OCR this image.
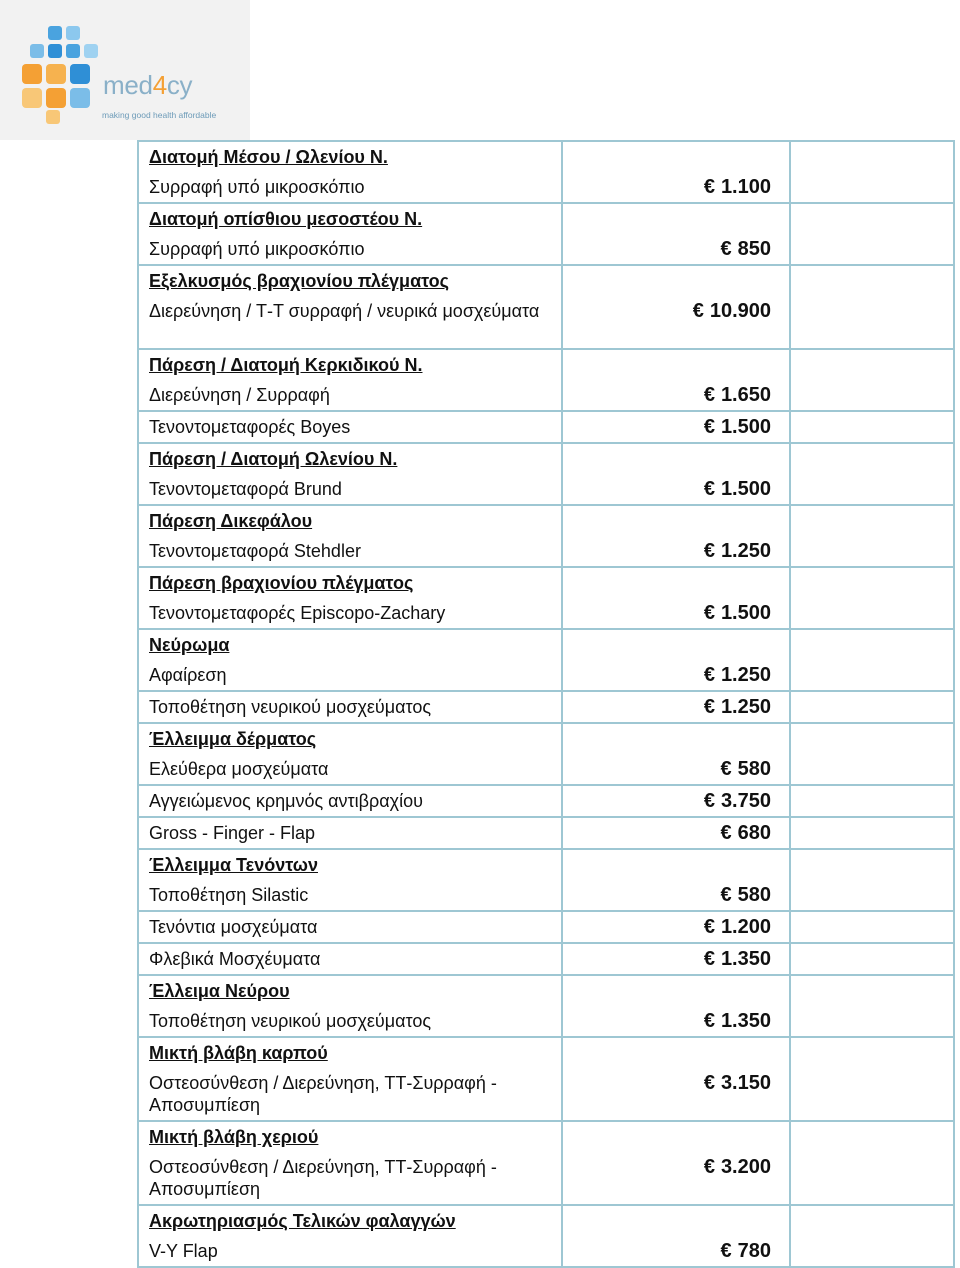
med4cy
making good health affordable
Διατομή Μέσου / Ωλενίου Ν.
Συρραφή υπό μικροσκόπιο	€ 1.100	

Διατομή οπίσθιου μεσοστέου Ν.
Συρραφή υπό μικροσκόπιο	€ 850	

Εξελκυσμός βραχιονίου πλέγματος
Διερεύνηση / Τ-Τ συρραφή / νευρικά μοσχεύματα	€ 10.900	

Πάρεση / Διατομή Κερκιδικού Ν.
Διερεύνηση / Συρραφή	€ 1.650	

Τενοντομεταφορές Boyes	€ 1.500	

Πάρεση / Διατομή Ωλενίου Ν.
Τενοντομεταφορά Brund	€ 1.500	

Πάρεση Δικεφάλου
Τενοντομεταφορά Stehdler	€ 1.250	

Πάρεση βραχιονίου πλέγματος
Τενοντομεταφορές Episcopo-Zachary	€ 1.500	

Νεύρωμα
Αφαίρεση	€ 1.250	

Τοποθέτηση νευρικού μοσχεύματος	€ 1.250	

Έλλειμμα δέρματος
Ελεύθερα μοσχεύματα	€ 580	

Αγγειώμενος κρημνός αντιβραχίου	€ 3.750	

Gross - Finger - Flap	€ 680	

Έλλειμμα Τενόντων
Τοποθέτηση Silastic	€ 580	

Τενόντια μοσχεύματα	€ 1.200	

Φλεβικά Μοσχέυματα	€ 1.350	

Έλλειμα Νεύρου
Τοποθέτηση νευρικού μοσχεύματος	€ 1.350	

Μικτή βλάβη καρπού
Οστεοσύνθεση / Διερεύνηση, ΤΤ-Συρραφή - Αποσυμπίεση	€ 3.150	

Μικτή βλάβη χεριού
Οστεοσύνθεση / Διερεύνηση, ΤΤ-Συρραφή - Αποσυμπίεση	€ 3.200	

Ακρωτηριασμός Τελικών φαλαγγών
V-Y Flap	€ 780	
